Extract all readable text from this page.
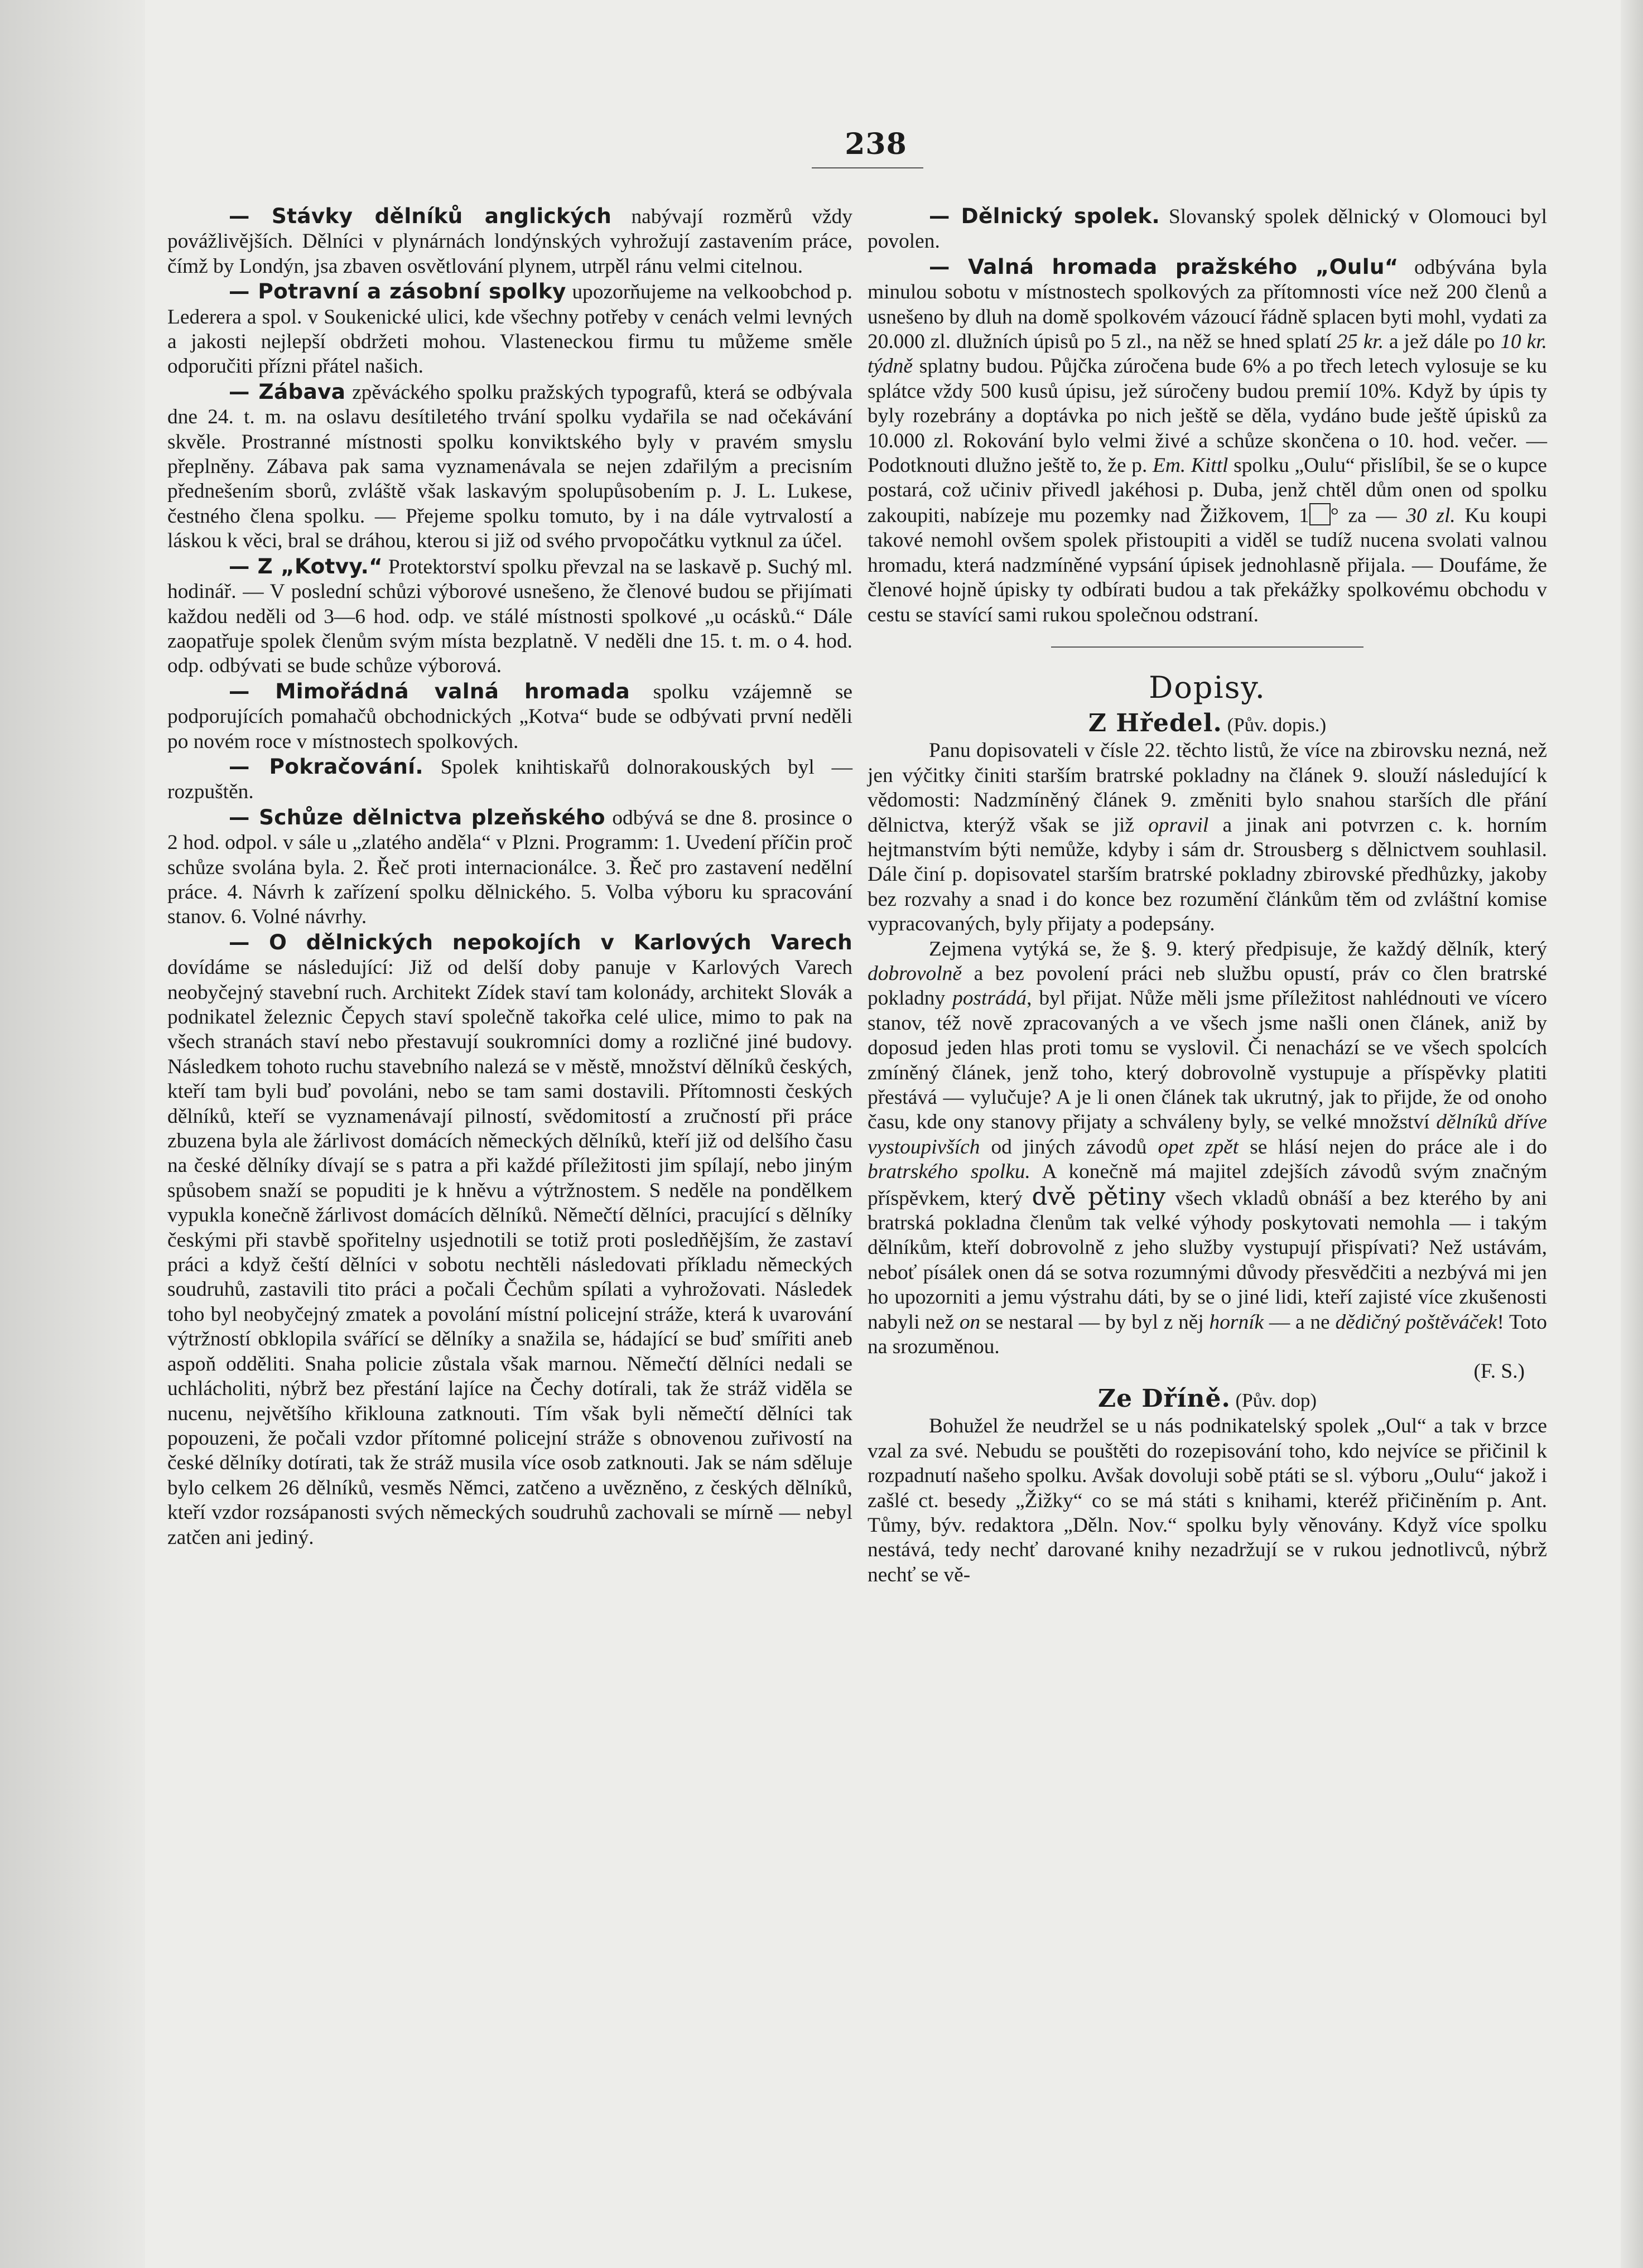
238

— Stávky dělníků anglických nabývají rozměrů vždy povážlivějších. Dělníci v plynárnách londýnských vyhrožují zastavením práce, čímž by Londýn, jsa zbaven osvětlování plynem, utrpěl ránu velmi citelnou.

— Potravní a zásobní spolky upozorňujeme na velkoobchod p. Lederera a spol. v Soukenické ulici, kde všechny potřeby v cenách velmi levných a jakosti nejlepší obdržeti mohou. Vlasteneckou firmu tu můžeme směle odporučiti přízni přátel našich.

— Zábava zpěváckého spolku pražských typografů, která se odbývala dne 24. t. m. na oslavu desítiletého trvání spolku vydařila se nad očekávání skvěle. Prostranné místnosti spolku konviktského byly v pravém smyslu přeplněny. Zábava pak sama vyznamenávala se nejen zdařilým a precisním přednešením sborů, zvláště však laskavým spolupůsobením p. J. L. Lukese, čestného člena spolku. — Přejeme spolku tomuto, by i na dále vytrvalostí a láskou k věci, bral se dráhou, kterou si již od svého prvopočátku vytknul za účel.

— Z „Kotvy.“ Protektorství spolku převzal na se laskavě p. Suchý ml. hodinář. — V poslední schůzi výborové usnešeno, že členové budou se přijímati každou neděli od 3—6 hod. odp. ve stálé místnosti spolkové „u ocásků.“ Dále zaopatřuje spolek členům svým místa bezplatně. V neděli dne 15. t. m. o 4. hod. odp. odbývati se bude schůze výborová.

— Mimořádná valná hromada spolku vzájemně se podporujících pomahačů obchodnických „Kotva“ bude se odbývati první neděli po novém roce v místnostech spolkových.

— Pokračování. Spolek knihtiskařů dolnorakouských byl — rozpuštěn.

— Schůze dělnictva plzeňského odbývá se dne 8. prosince o 2 hod. odpol. v sále u „zlatého anděla“ v Plzni. Programm: 1. Uvedení příčin proč schůze svolána byla. 2. Řeč proti internacionálce. 3. Řeč pro zastavení nedělní práce. 4. Návrh k zařízení spolku dělnického. 5. Volba výboru ku spracování stanov. 6. Volné návrhy.

— O dělnických nepokojích v Karlových Varech dovídáme se následující: Již od delší doby panuje v Karlových Varech neobyčejný stavební ruch. Architekt Zídek staví tam kolonády, architekt Slovák a podnikatel železnic Čepych staví společně takořka celé ulice, mimo to pak na všech stranách staví nebo přestavují soukromníci domy a rozličné jiné budovy. Následkem tohoto ruchu stavebního nalezá se v městě, množství dělníků českých, kteří tam byli buď povoláni, nebo se tam sami dostavili. Přítomnosti českých dělníků, kteří se vyznamenávají pilností, svědomitostí a zručností při práce zbuzena byla ale žárlivost domácích německých dělníků, kteří již od delšího času na české dělníky dívají se s patra a při každé příležitosti jim spílají, nebo jiným spůsobem snaží se popuditi je k hněvu a výtržnostem. S neděle na pondělkem vypukla konečně žárlivost domácích dělníků. Němečtí dělníci, pracující s dělníky českými při stavbě spořitelny usjednotili se totiž proti posledňějším, že zastaví práci a když čeští dělníci v sobotu nechtěli následovati příkladu německých soudruhů, zastavili tito práci a počali Čechům spílati a vyhrožovati. Následek toho byl neobyčejný zmatek a povolání místní policejní stráže, která k uvarování výtržností obklopila svářící se dělníky a snažila se, hádající se buď smířiti aneb aspoň odděliti. Snaha policie zůstala však marnou. Němečtí dělníci nedali se uchlácholiti, nýbrž bez přestání lajíce na Čechy dotírali, tak že stráž viděla se nucenu, největšího křiklounа zatknouti. Tím však byli němečtí dělníci tak popouzeni, že počali vzdor přítomné policejní stráže s obnovenou zuřivostí na české dělníky dotírati, tak že stráž musila více osob zatknouti. Jak se nám sděluje bylo celkem 26 dělníků, vesměs Němci, zatčeno a uvězněno, z českých dělníků, kteří vzdor rozsápanosti svých německých soudruhů zachovali se mírně — nebyl zatčen ani jediný.

— Dělnický spolek. Slovanský spolek dělnický v Olomouci byl povolen.

— Valná hromada pražského „Oulu“ odbývána byla minulou sobotu v místnostech spolkových za přítomnosti více než 200 členů a usnešeno by dluh na domě spolkovém vázoucí řádně splacen byti mohl, vydati za 20.000 zl. dlužních úpisů po 5 zl., na něž se hned splatí 25 kr. a jež dále po 10 kr. týdně splatny budou. Půjčka zúročena bude 6% a po třech letech vylosuje se ku splátce vždy 500 kusů úpisu, jež súročeny budou premií 10%. Když by úpis ty byly rozebrány a doptávka po nich ještě se děla, vydáno bude ještě úpisků za 10.000 zl. Rokování bylo velmi živé a schůze skončena o 10. hod. večer. — Podotknouti dlužno ještě to, že p. Em. Kittl spolku „Oulu“ přislíbil, še se o kupce postará, což učiniv přivedl jakéhosi p. Duba, jenž chtěl dům onen od spolku zakoupiti, nabízeje mu pozemky nad Žižkovem, 1 ° za — 30 zl. Ku koupi takové nemohl ovšem spolek přistoupiti a viděl se tudíž nucena svolati valnou hromadu, která nadzmíněné vypsání úpisek jednohlasně přijala. — Doufáme, že členové hojně úpisky ty odbírati budou a tak překážky spolkovému obchodu v cestu se stavící sami rukou společnou odstraní.

Dopisy.
Z Hředel. (Pův. dopis.)

Panu dopisovateli v čísle 22. těchto listů, že více na zbirovsku nezná, než jen výčitky činiti starším bratrské pokladny na článek 9. slouží následující k vědomosti: Nadzmíněný článek 9. změniti bylo snahou starších dle přání dělnictva, kterýž však se již opravil a jinak ani potvrzen c. k. horním hejtmanstvím býti nemůže, kdyby i sám dr. Strousberg s dělnictvem souhlasil. Dále činí p. dopisovatel starším bratrské pokladny zbirovské předhůzky, jakoby bez rozvahy a snad i do konce bez rozumění článkům těm od zvláštní komise vypracovaných, byly přijaty a podepsány.

Zejmena vytýká se, že §. 9. který předpisuje, že každý dělník, který dobrovolně a bez povolení práci neb službu opustí, práv co člen bratrské pokladny postrádá, byl přijat. Nůže měli jsme příležitost nahlédnouti ve vícero stanov, též nově zpracovaných a ve všech jsme našli onen článek, aniž by doposud jeden hlas proti tomu se vyslovil. Či nenachází se ve všech spolcích zmíněný článek, jenž toho, který dobrovolně vystupuje a příspěvky platiti přestává — vylučuje? A je li onen článek tak ukrutný, jak to přijde, že od onoho času, kde ony stanovy přijaty a schváleny byly, se velké množství dělníků dříve vystoupivších od jiných závodů opet zpět se hlásí nejen do práce ale i do bratrského spolku. A konečně má majitel zdejších závodů svým značným příspěvkem, který dvě pětiny všech vkladů obnáší a bez kterého by ani bratrská pokladna členům tak velké výhody poskytovati nemohla — i takým dělníkům, kteří dobrovolně z jeho služby vystupují přispívati? Než ustávám, neboť písálek onen dá se sotva rozumnými důvody přesvědčiti a nezbývá mi jen ho upozorniti a jemu výstrahu dáti, by se o jiné lidi, kteří zajisté více zkušenosti nabyli než on se nestaral — by byl z něj horník — a ne dědičný poštěváček! Toto na srozuměnou.

(F. S.)
Ze Dříně. (Pův. dop)

Bohužel že neudržel se u nás podnikatelský spolek „Oul“ a tak v brzce vzal za své. Nebudu se pouštěti do rozepisování toho, kdo nejvíce se přičinil k rozpadnutí našeho spolku. Avšak dovoluji sobě ptáti se sl. výboru „Oulu“ jakož i zašlé ct. besedy „Žižky“ co se má státi s knihami, kteréž přičiněním p. Ant. Tůmy, býv. redaktora „Děln. Nov.“ spolku byly věnovány. Když více spolku nestává, tedy nechť darované knihy nezadržují se v rukou jednotlivců, nýbrž nechť se vě-
